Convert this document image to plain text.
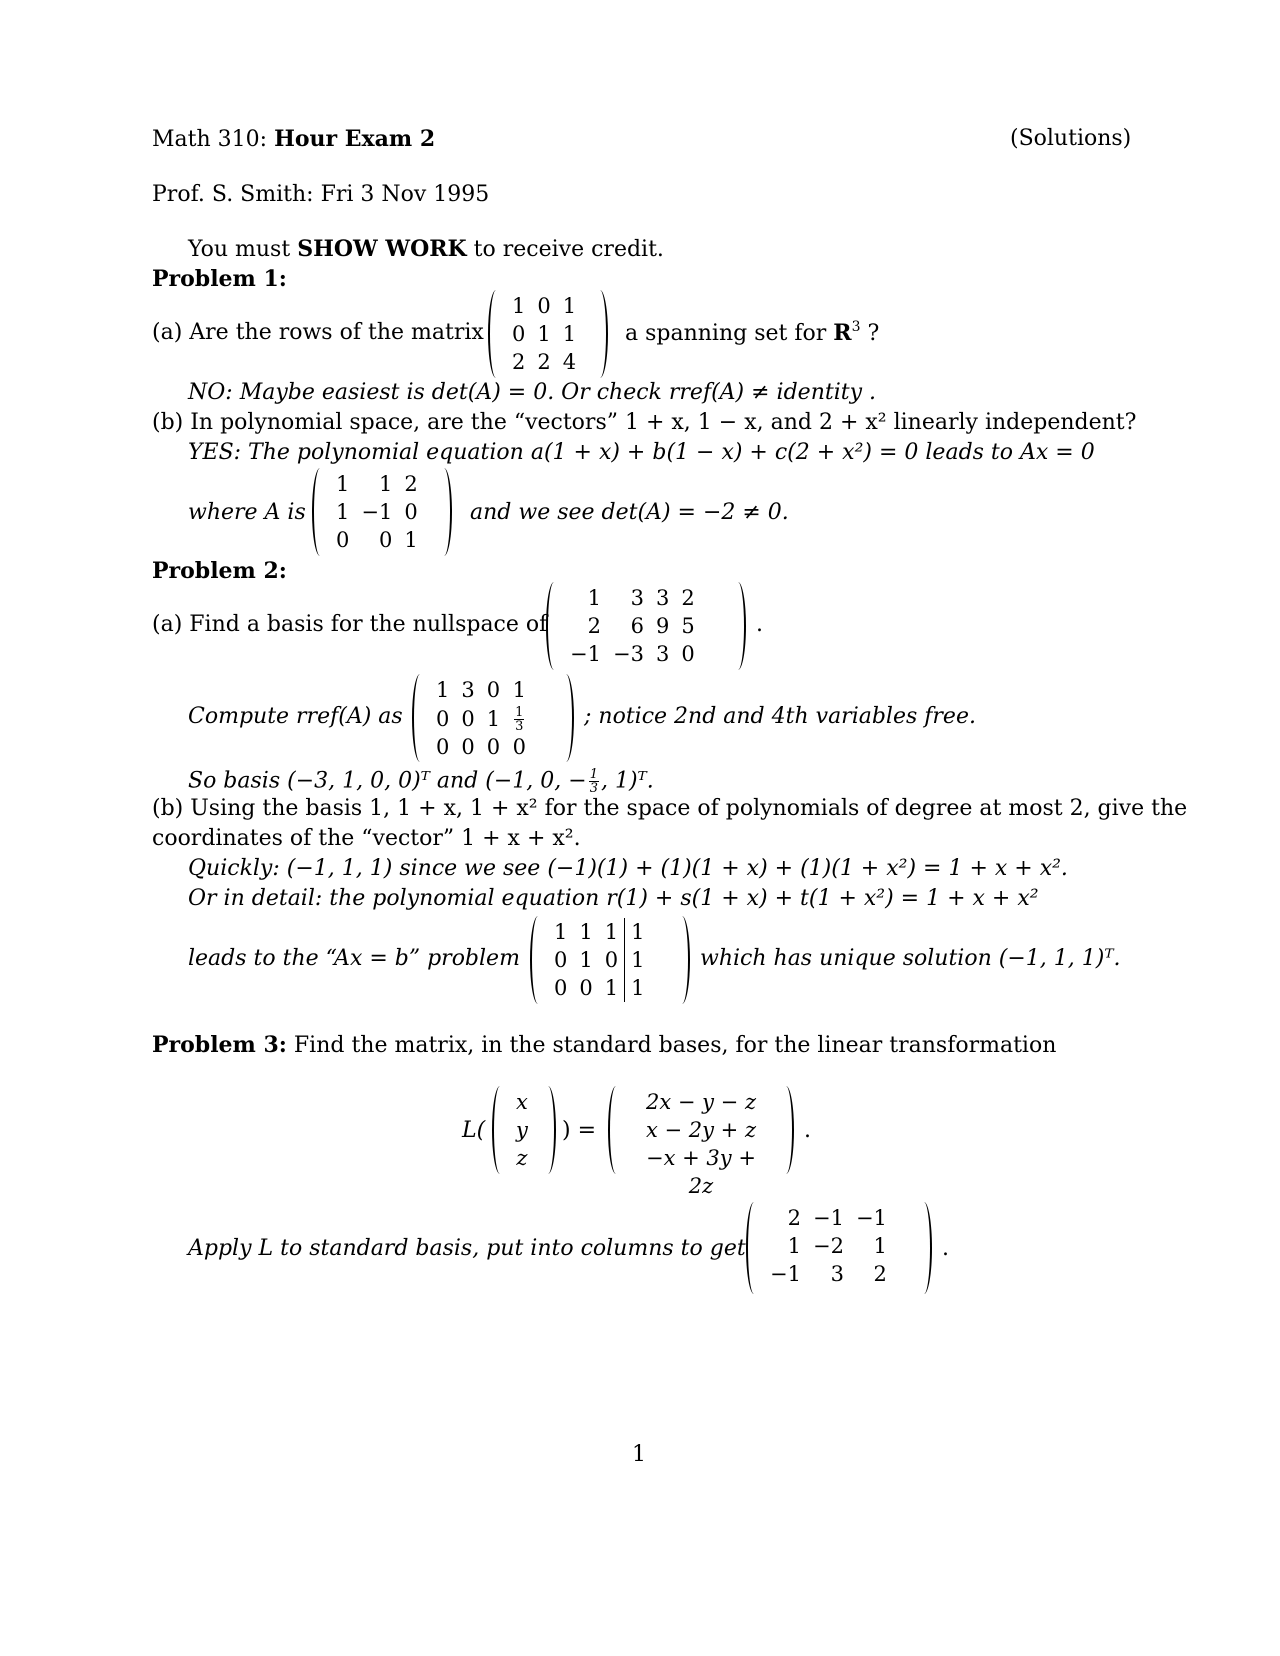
Math 310: Hour Exam 2	(Solutions)
Prof. S. Smith: Fri 3 Nov 1995
You must SHOW WORK to receive credit.
Problem 1:
(a) Are the rows of the matrix
1	0	1
0	1	1
2	2	4
a spanning set for $R^3$ ?
NO: Maybe easiest is det(A) = 0. Or check rref(A) ≠ identity .
(b) In polynomial space, are the “vectors” 1 + x, 1 − x, and 2 + x² linearly independent?
YES: The polynomial equation a(1 + x) + b(1 − x) + c(2 + x²) = 0 leads to Ax = 0
where A is
1	1	2
1	−1	0
0	0	1
and we see det(A) = −2 ≠ 0.
Problem 2:
(a) Find a basis for the nullspace of
1	3	3	2
2	6	9	5
−1	−3	3	0
.
Compute rref(A) as
1	3	0	1
0	0	1	$\frac{1}{3}$

0	0	0	0
; notice 2nd and 4th variables free.
So basis (−3, 1, 0, 0)ᵀ and (−1, 0, − $\frac{1}{3}$ , 1)ᵀ.
(b) Using the basis 1, 1 + x, 1 + x² for the space of polynomials of degree at most 2, give the
coordinates of the “vector” 1 + x + x².
Quickly: (−1, 1, 1) since we see (−1)(1) + (1)(1 + x) + (1)(1 + x²) = 1 + x + x².
Or in detail: the polynomial equation r(1) + s(1 + x) + t(1 + x²) = 1 + x + x²
leads to the “Ax = b” problem
1	1	1	1
0	1	0	1
0	0	1	1
which has unique solution (−1, 1, 1)ᵀ.
Problem 3: Find the matrix, in the standard bases, for the linear transformation
L(
x
y
z
) =
2x − y − z
x − 2y + z
−x + 3y + 2z
.
Apply L to standard basis, put into columns to get
2	−1	−1
1	−2	1
−1	3	2
.
1
